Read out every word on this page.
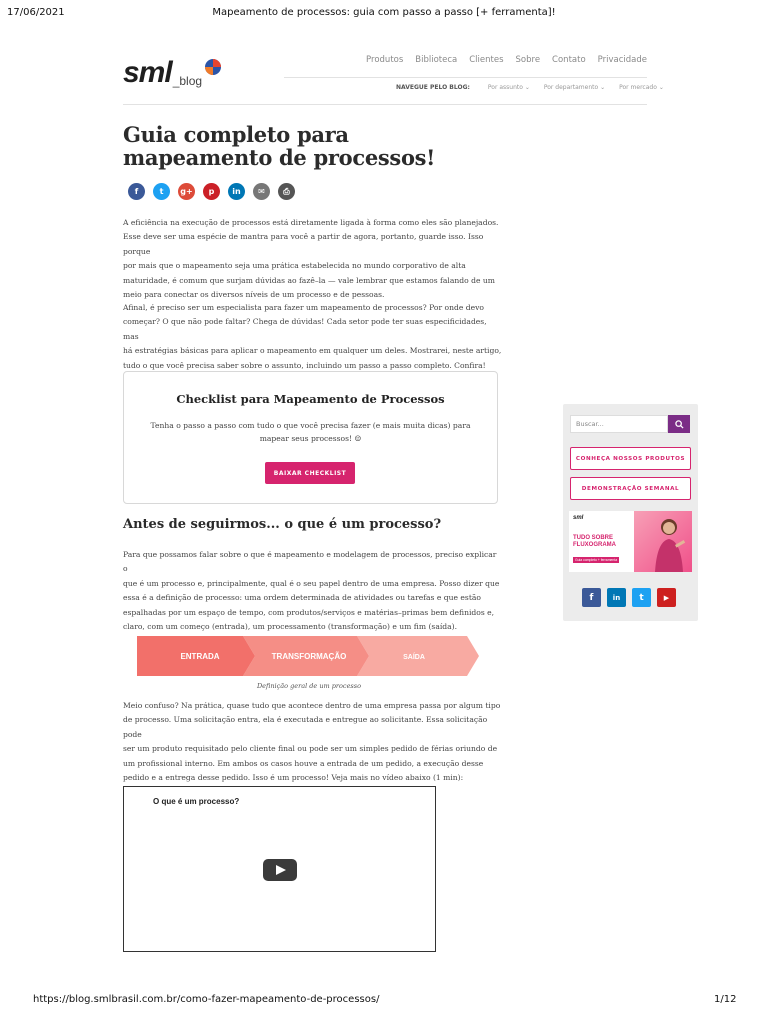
17/06/2021	Mapeamento de processos: guia com passo a passo [+ ferramenta]!
sml _blog
Produtos Biblioteca Clientes Sobre Contato Privacidade
NAVEGUE PELO BLOG:	Por assunto ⌄ Por departamento ⌄ Por mercado ⌄
Guia completo para mapeamento de processos!
f	t	g+	p	in	✉	⎙

A eficiência na execução de processos está diretamente ligada à forma como eles são planejados.

Esse deve ser uma espécie de mantra para você a partir de agora, portanto, guarde isso. Isso porque

por mais que o mapeamento seja uma prática estabelecida no mundo corporativo de alta

maturidade, é comum que surjam dúvidas ao fazê–la — vale lembrar que estamos falando de um

meio para conectar os diversos níveis de um processo e de pessoas.

Afinal, é preciso ser um especialista para fazer um mapeamento de processos? Por onde devo

começar? O que não pode faltar? Chega de dúvidas! Cada setor pode ter suas especificidades, mas

há estratégias básicas para aplicar o mapeamento em qualquer um deles. Mostrarei, neste artigo,

tudo o que você precisa saber sobre o assunto, incluindo um passo a passo completo. Confira!

Checklist para Mapeamento de Processos
Tenha o passo a passo com tudo o que você precisa fazer (e mais muita dicas) para
mapear seus processos! ☺
BAIXAR CHECKLIST
Antes de seguirmos... o que é um processo?

Para que possamos falar sobre o que é mapeamento e modelagem de processos, preciso explicar o

que é um processo e, principalmente, qual é o seu papel dentro de uma empresa. Posso dizer que

essa é a definição de processo: uma ordem determinada de atividades ou tarefas e que estão

espalhadas por um espaço de tempo, com produtos/serviços e matérias–primas bem definidos e,

claro, com um começo (entrada), um processamento (transformação) e um fim (saída).

ENTRADA	TRANSFORMAÇÃO	SAÍDA
Definição geral de um processo

Meio confuso? Na prática, quase tudo que acontece dentro de uma empresa passa por algum tipo

de processo. Uma solicitação entra, ela é executada e entregue ao solicitante. Essa solicitação pode

ser um produto requisitado pelo cliente final ou pode ser um simples pedido de férias oriundo de

um profissional interno. Em ambos os casos houve a entrada de um pedido, a execução desse

pedido e a entrega desse pedido. Isso é um processo! Veja mais no vídeo abaixo (1 min):

O que é um processo?
Buscar...
CONHEÇA NOSSOS PRODUTOS
DEMONSTRAÇÃO SEMANAL
sml
TUDO SOBRE
FLUXOGRAMA
Guia completo + ferramenta
f	in	t	▶
https://blog.smlbrasil.com.br/como-fazer-mapeamento-de-processos/	1/12
